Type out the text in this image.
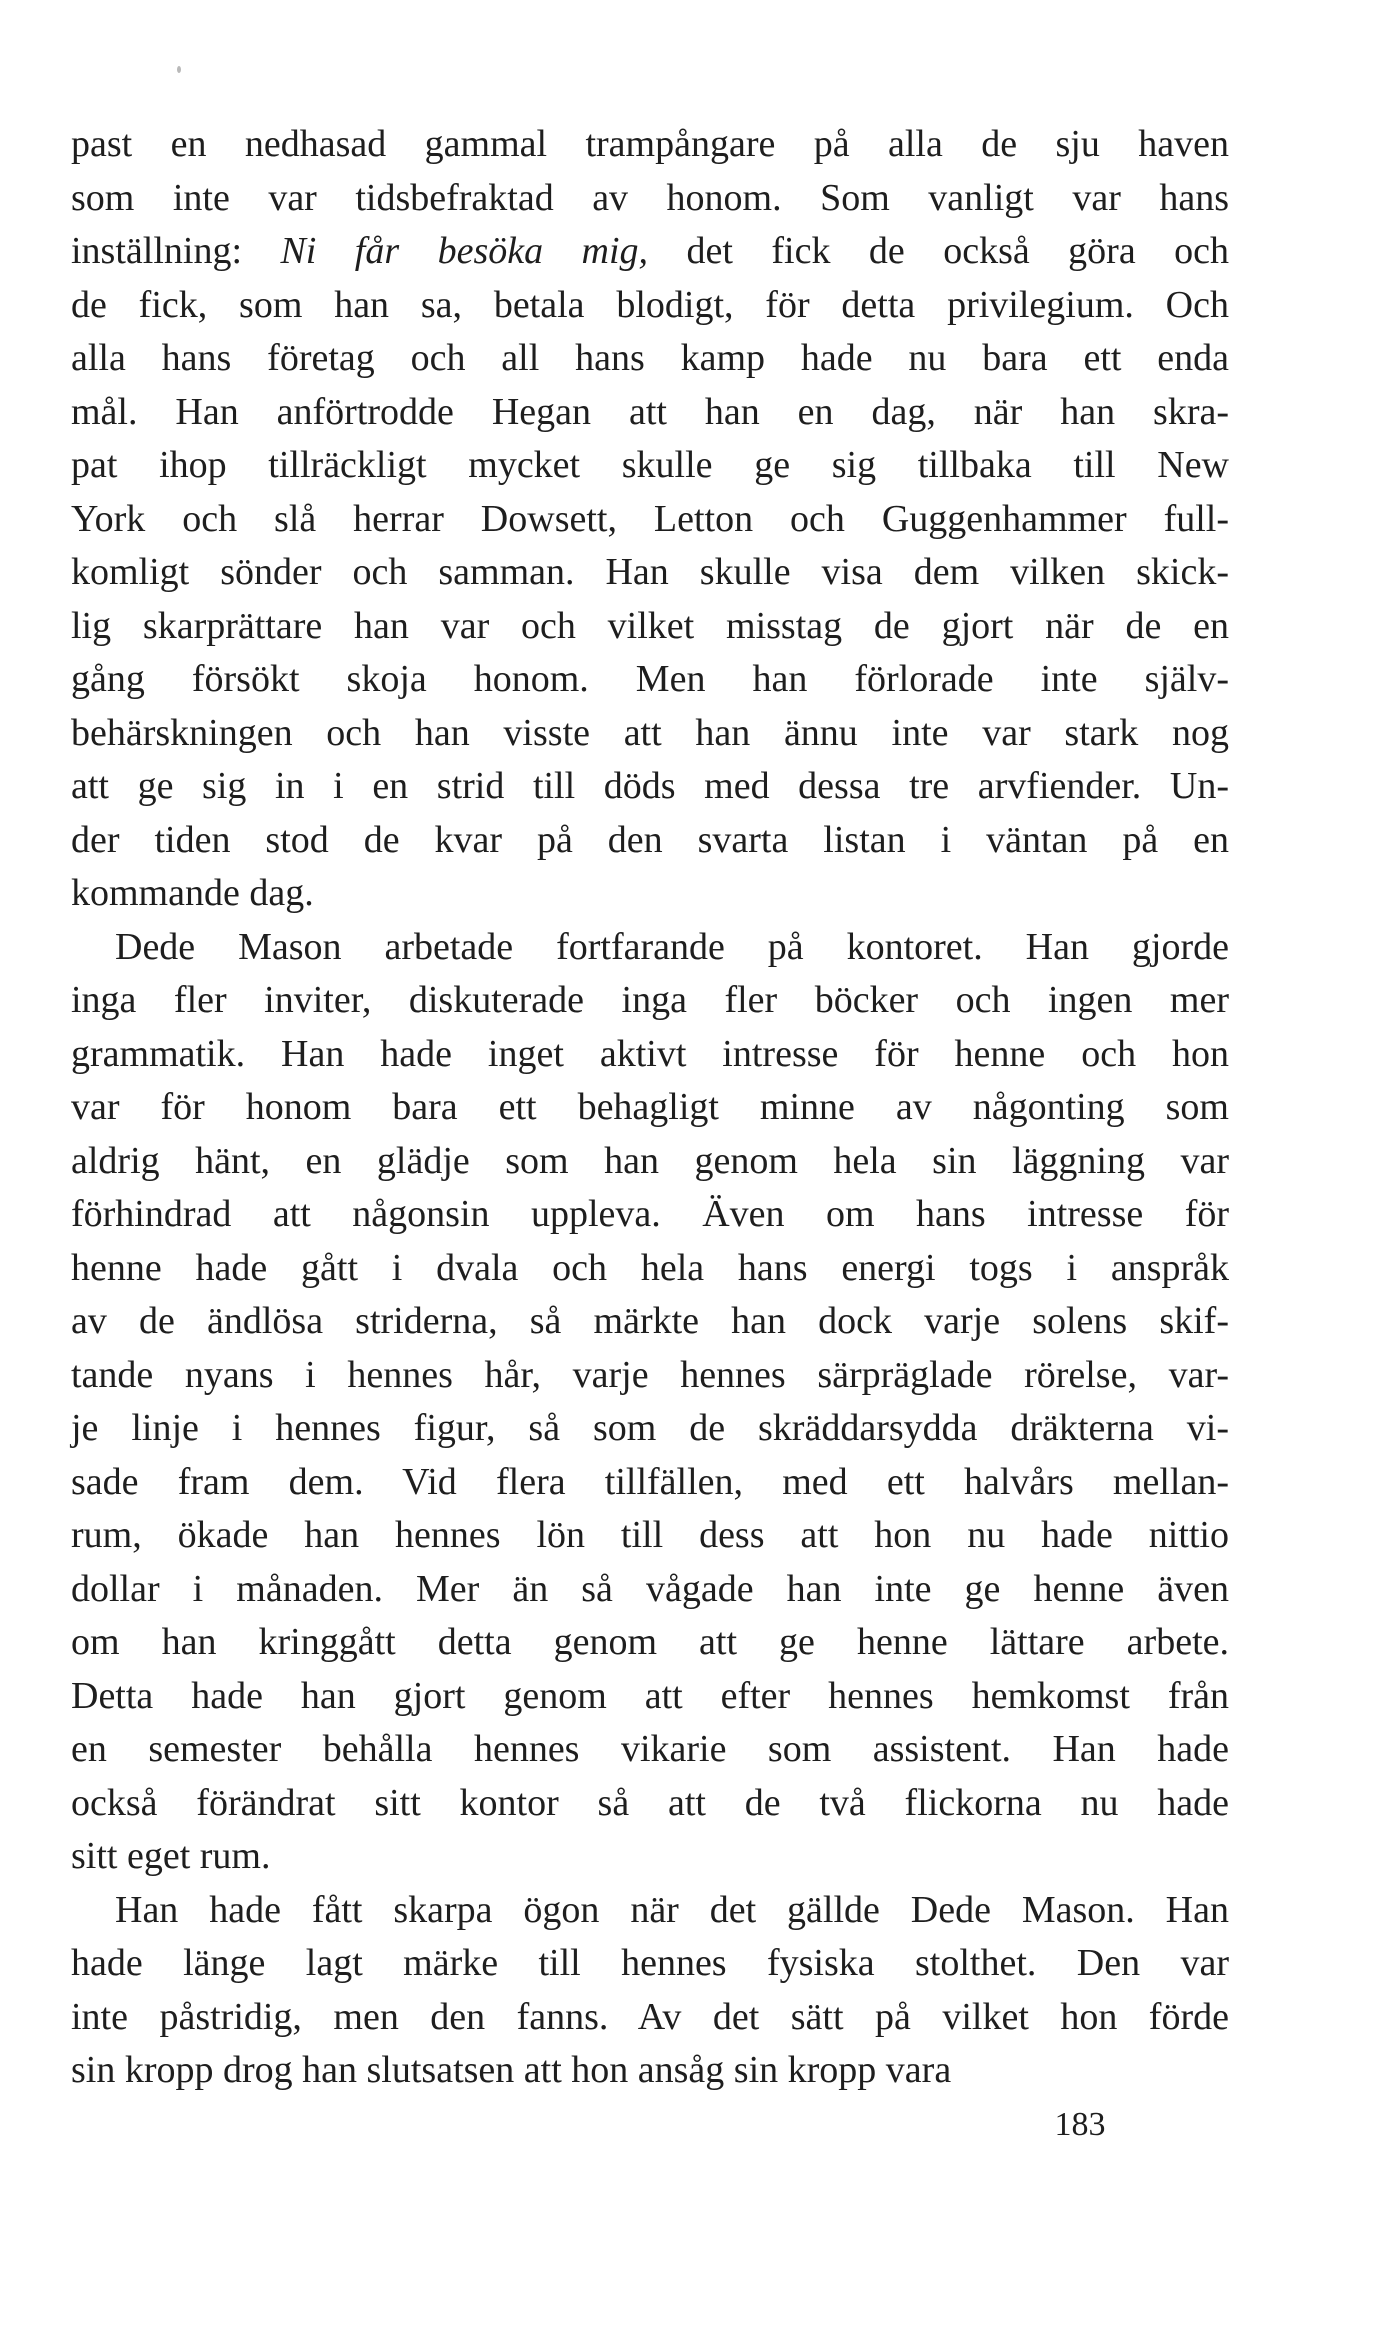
past en nedhasad gammal trampångare på alla de sju haven
som inte var tidsbefraktad av honom. Som vanligt var hans
inställning: Ni får besöka mig, det fick de också göra och
de fick, som han sa, betala blodigt, för detta privilegium. Och
alla hans företag och all hans kamp hade nu bara ett enda
mål. Han anförtrodde Hegan att han en dag, när han skra-
pat ihop tillräckligt mycket skulle ge sig tillbaka till New
York och slå herrar Dowsett, Letton och Guggenhammer full-
komligt sönder och samman. Han skulle visa dem vilken skick-
lig skarprättare han var och vilket misstag de gjort när de en
gång försökt skoja honom. Men han förlorade inte själv-
behärskningen och han visste att han ännu inte var stark nog
att ge sig in i en strid till döds med dessa tre arvfiender. Un-
der tiden stod de kvar på den svarta listan i väntan på en
kommande dag.
Dede Mason arbetade fortfarande på kontoret. Han gjorde
inga fler inviter, diskuterade inga fler böcker och ingen mer
grammatik. Han hade inget aktivt intresse för henne och hon
var för honom bara ett behagligt minne av någonting som
aldrig hänt, en glädje som han genom hela sin läggning var
förhindrad att någonsin uppleva. Även om hans intresse för
henne hade gått i dvala och hela hans energi togs i anspråk
av de ändlösa striderna, så märkte han dock varje solens skif-
tande nyans i hennes hår, varje hennes särpräglade rörelse, var-
je linje i hennes figur, så som de skräddarsydda dräkterna vi-
sade fram dem. Vid flera tillfällen, med ett halvårs mellan-
rum, ökade han hennes lön till dess att hon nu hade nittio
dollar i månaden. Mer än så vågade han inte ge henne även
om han kringgått detta genom att ge henne lättare arbete.
Detta hade han gjort genom att efter hennes hemkomst från
en semester behålla hennes vikarie som assistent. Han hade
också förändrat sitt kontor så att de två flickorna nu hade
sitt eget rum.
Han hade fått skarpa ögon när det gällde Dede Mason. Han
hade länge lagt märke till hennes fysiska stolthet. Den var
inte påstridig, men den fanns. Av det sätt på vilket hon förde
sin kropp drog han slutsatsen att hon ansåg sin kropp vara
183
